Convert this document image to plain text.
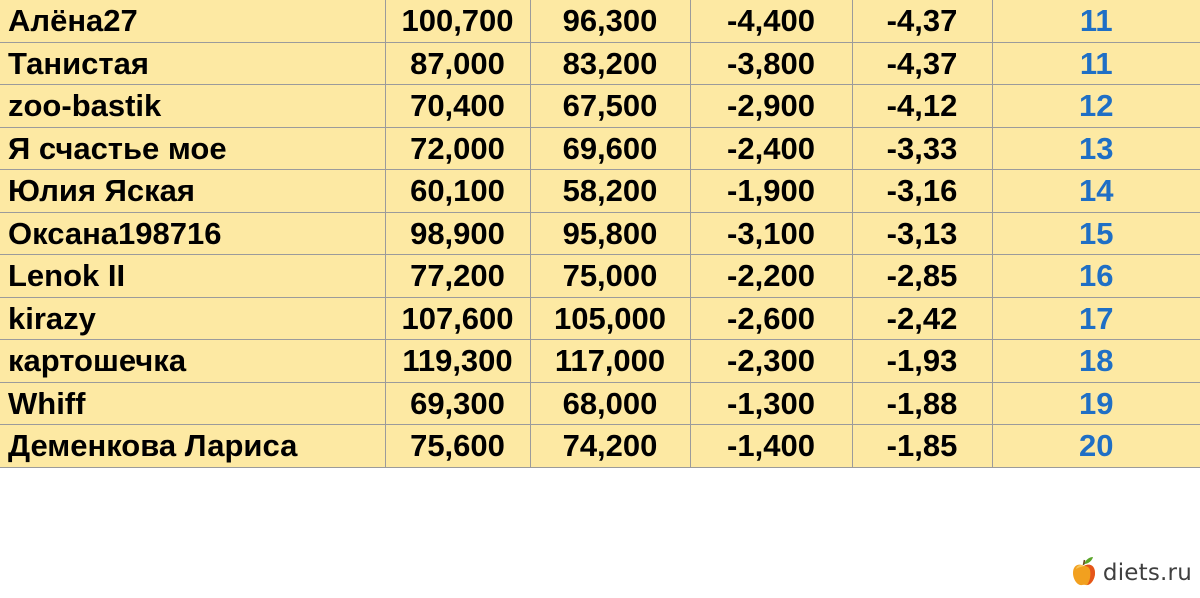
Алёна27	100,700	96,300	-4,400	-4,37	11
Танистая	87,000	83,200	-3,800	-4,37	11
zoo-bastik	70,400	67,500	-2,900	-4,12	12
Я счастье мое	72,000	69,600	-2,400	-3,33	13
Юлия Яская	60,100	58,200	-1,900	-3,16	14
Оксана198716	98,900	95,800	-3,100	-3,13	15
Lenok II	77,200	75,000	-2,200	-2,85	16
kirazy	107,600	105,000	-2,600	-2,42	17
картошечка	119,300	117,000	-2,300	-1,93	18
Whiff	69,300	68,000	-1,300	-1,88	19
Деменкова Лариса	75,600	74,200	-1,400	-1,85	20
diets.ru
